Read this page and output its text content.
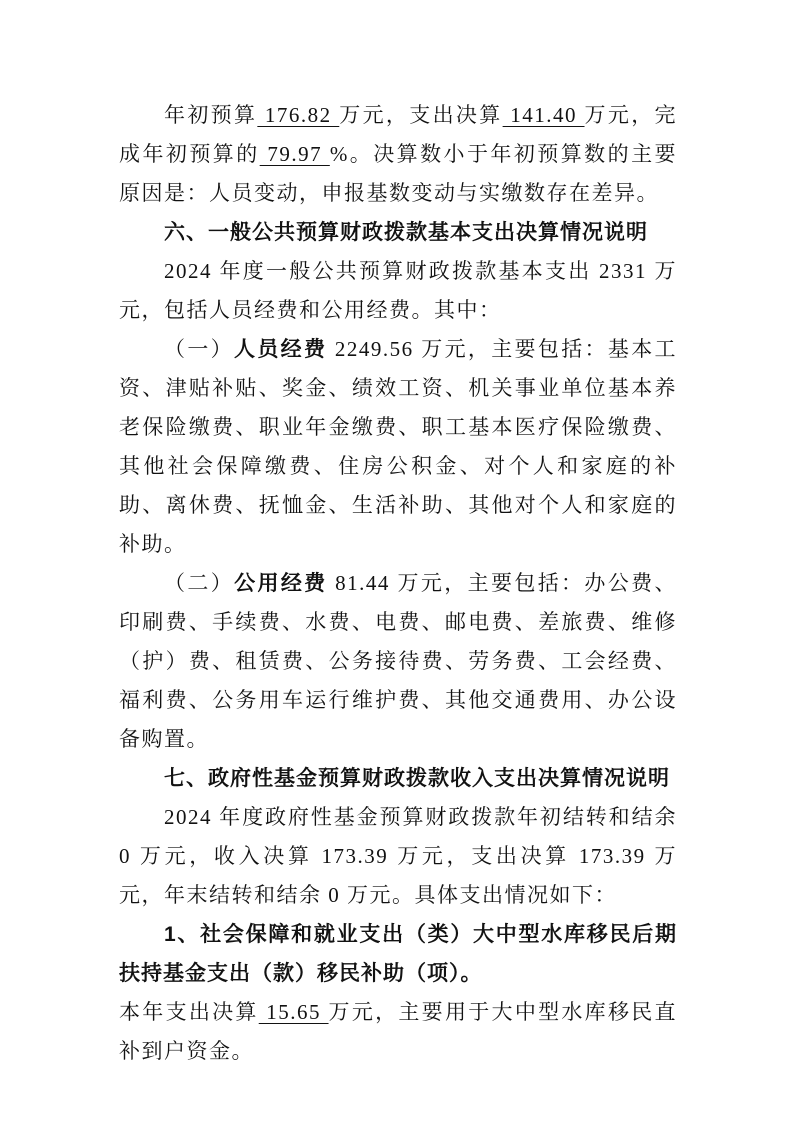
年初预算 176.82 万元，支出决算 141.40 万元，完成年初预算的 79.97 %。决算数小于年初预算数的主要原因是：人员变动，申报基数变动与实缴数存在差异。

六、一般公共预算财政拨款基本支出决算情况说明

2024 年度一般公共预算财政拨款基本支出 2331 万元，包括人员经费和公用经费。其中：

（一）人员经费 2249.56 万元，主要包括：基本工资、津贴补贴、奖金、绩效工资、机关事业单位基本养老保险缴费、职业年金缴费、职工基本医疗保险缴费、其他社会保障缴费、住房公积金、对个人和家庭的补助、离休费、抚恤金、生活补助、其他对个人和家庭的补助。

（二）公用经费 81.44 万元，主要包括：办公费、印刷费、手续费、水费、电费、邮电费、差旅费、维修（护）费、租赁费、公务接待费、劳务费、工会经费、福利费、公务用车运行维护费、其他交通费用、办公设备购置。

七、政府性基金预算财政拨款收入支出决算情况说明

2024 年度政府性基金预算财政拨款年初结转和结余 0 万元，收入决算 173.39 万元，支出决算 173.39 万元，年末结转和结余 0 万元。具体支出情况如下：

1、社会保障和就业支出（类）大中型水库移民后期扶持基金支出（款）移民补助（项）。

本年支出决算 15.65 万元，主要用于大中型水库移民直补到户资金。
